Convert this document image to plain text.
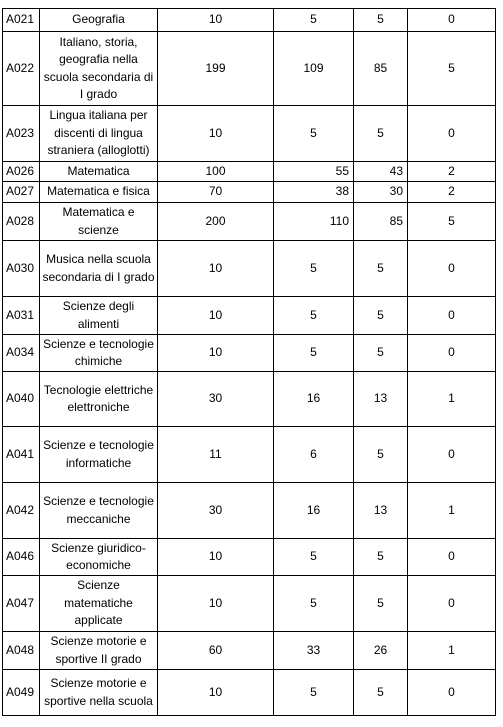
A021	Geografia	10	5	5	0
A022	Italiano, storia, geografia nella scuola secondaria di I grado	199	109	85	5
A023	Lingua italiana per discenti di lingua straniera (alloglotti)	10	5	5	0
A026	Matematica	100	55	43	2
A027	Matematica e fisica	70	38	30	2
A028	Matematica e scienze	200	110	85	5
A030	Musica nella scuola secondaria di I grado	10	5	5	0
A031	Scienze degli alimenti	10	5	5	0
A034	Scienze e tecnologie chimiche	10	5	5	0
A040	Tecnologie elettriche elettroniche	30	16	13	1
A041	Scienze e tecnologie informatiche	11	6	5	0
A042	Scienze e tecnologie meccaniche	30	16	13	1
A046	Scienze giuridico-economiche	10	5	5	0
A047	Scienze matematiche applicate	10	5	5	0
A048	Scienze motorie e sportive II grado	60	33	26	1
A049	Scienze motorie e sportive nella scuola	10	5	5	0
